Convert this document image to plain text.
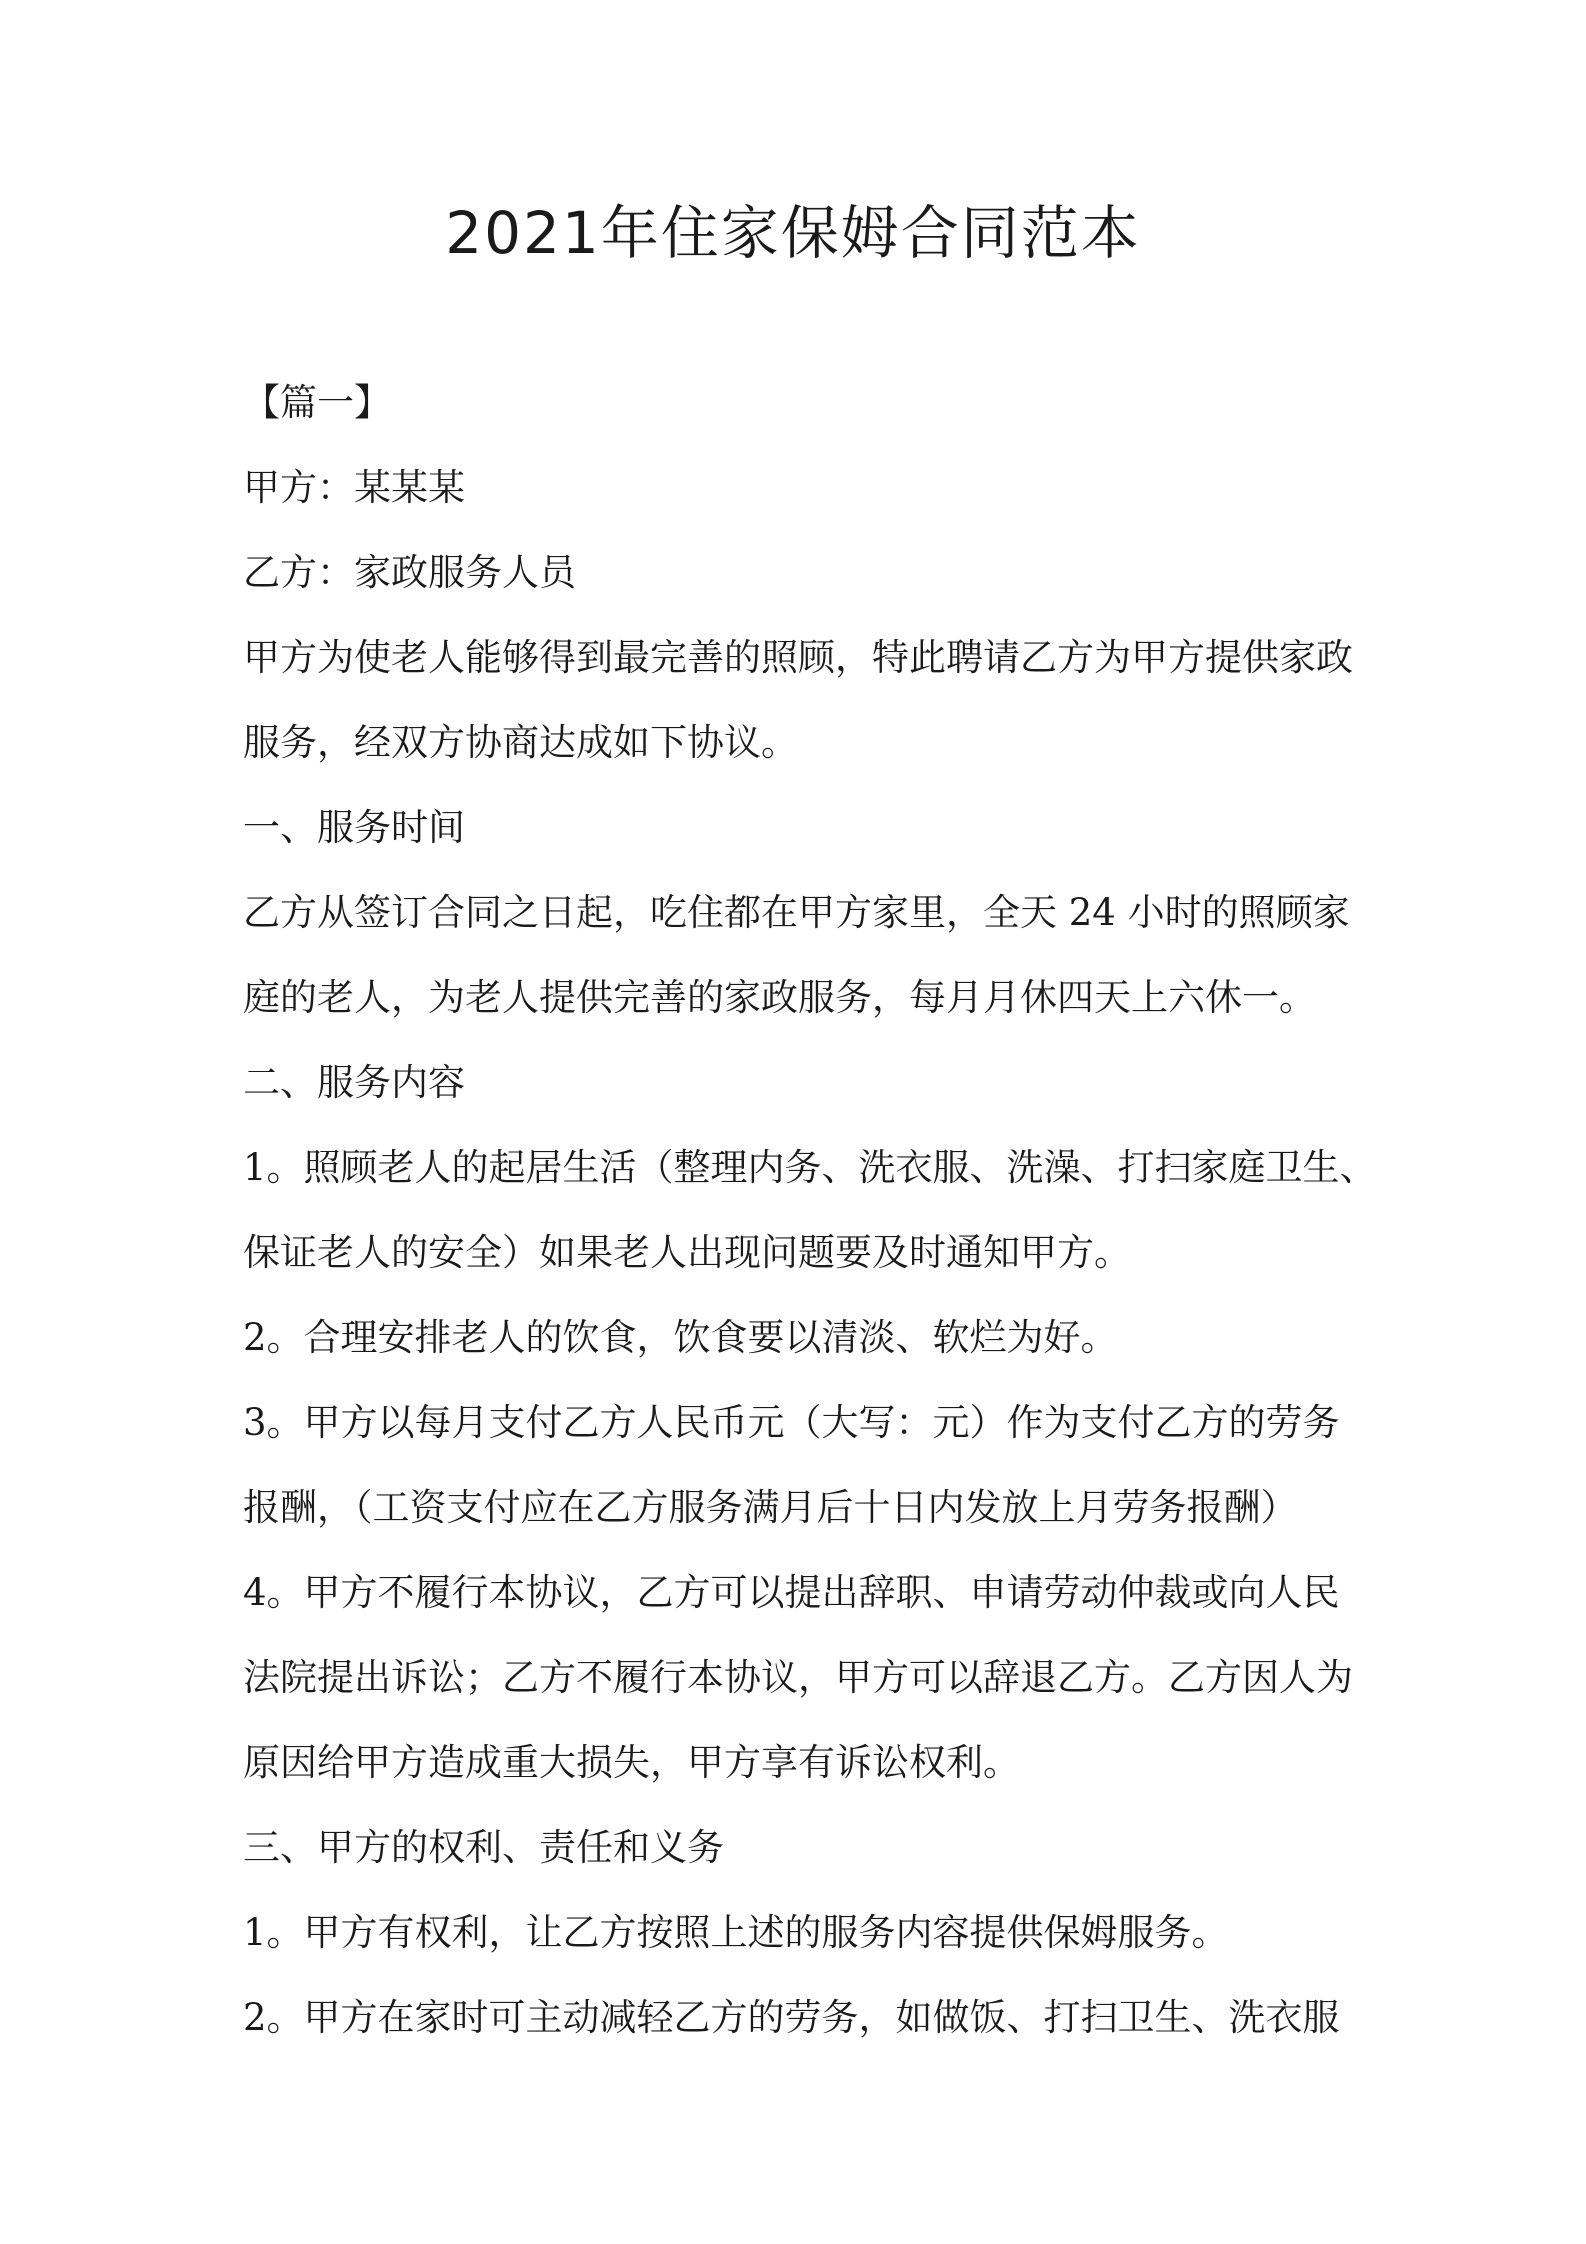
2021年住家保姆合同范本
【篇一】
甲方：某某某
乙方：家政服务人员
甲方为使老人能够得到最完善的照顾，特此聘请乙方为甲方提供家政
服务，经双方协商达成如下协议。
一、服务时间
乙方从签订合同之日起，吃住都在甲方家里，全天 24 小时的照顾家
庭的老人，为老人提供完善的家政服务，每月月休四天上六休一。
二、服务内容
1。照顾老人的起居生活（整理内务、洗衣服、洗澡、打扫家庭卫生、
保证老人的安全）如果老人出现问题要及时通知甲方。
2。合理安排老人的饮食，饮食要以清淡、软烂为好。
3。甲方以每月支付乙方人民币元（大写：元）作为支付乙方的劳务
报酬，（工资支付应在乙方服务满月后十日内发放上月劳务报酬）
4。甲方不履行本协议，乙方可以提出辞职、申请劳动仲裁或向人民
法院提出诉讼；乙方不履行本协议，甲方可以辞退乙方。乙方因人为
原因给甲方造成重大损失，甲方享有诉讼权利。
三、甲方的权利、责任和义务
1。甲方有权利，让乙方按照上述的服务内容提供保姆服务。
2。甲方在家时可主动减轻乙方的劳务，如做饭、打扫卫生、洗衣服
